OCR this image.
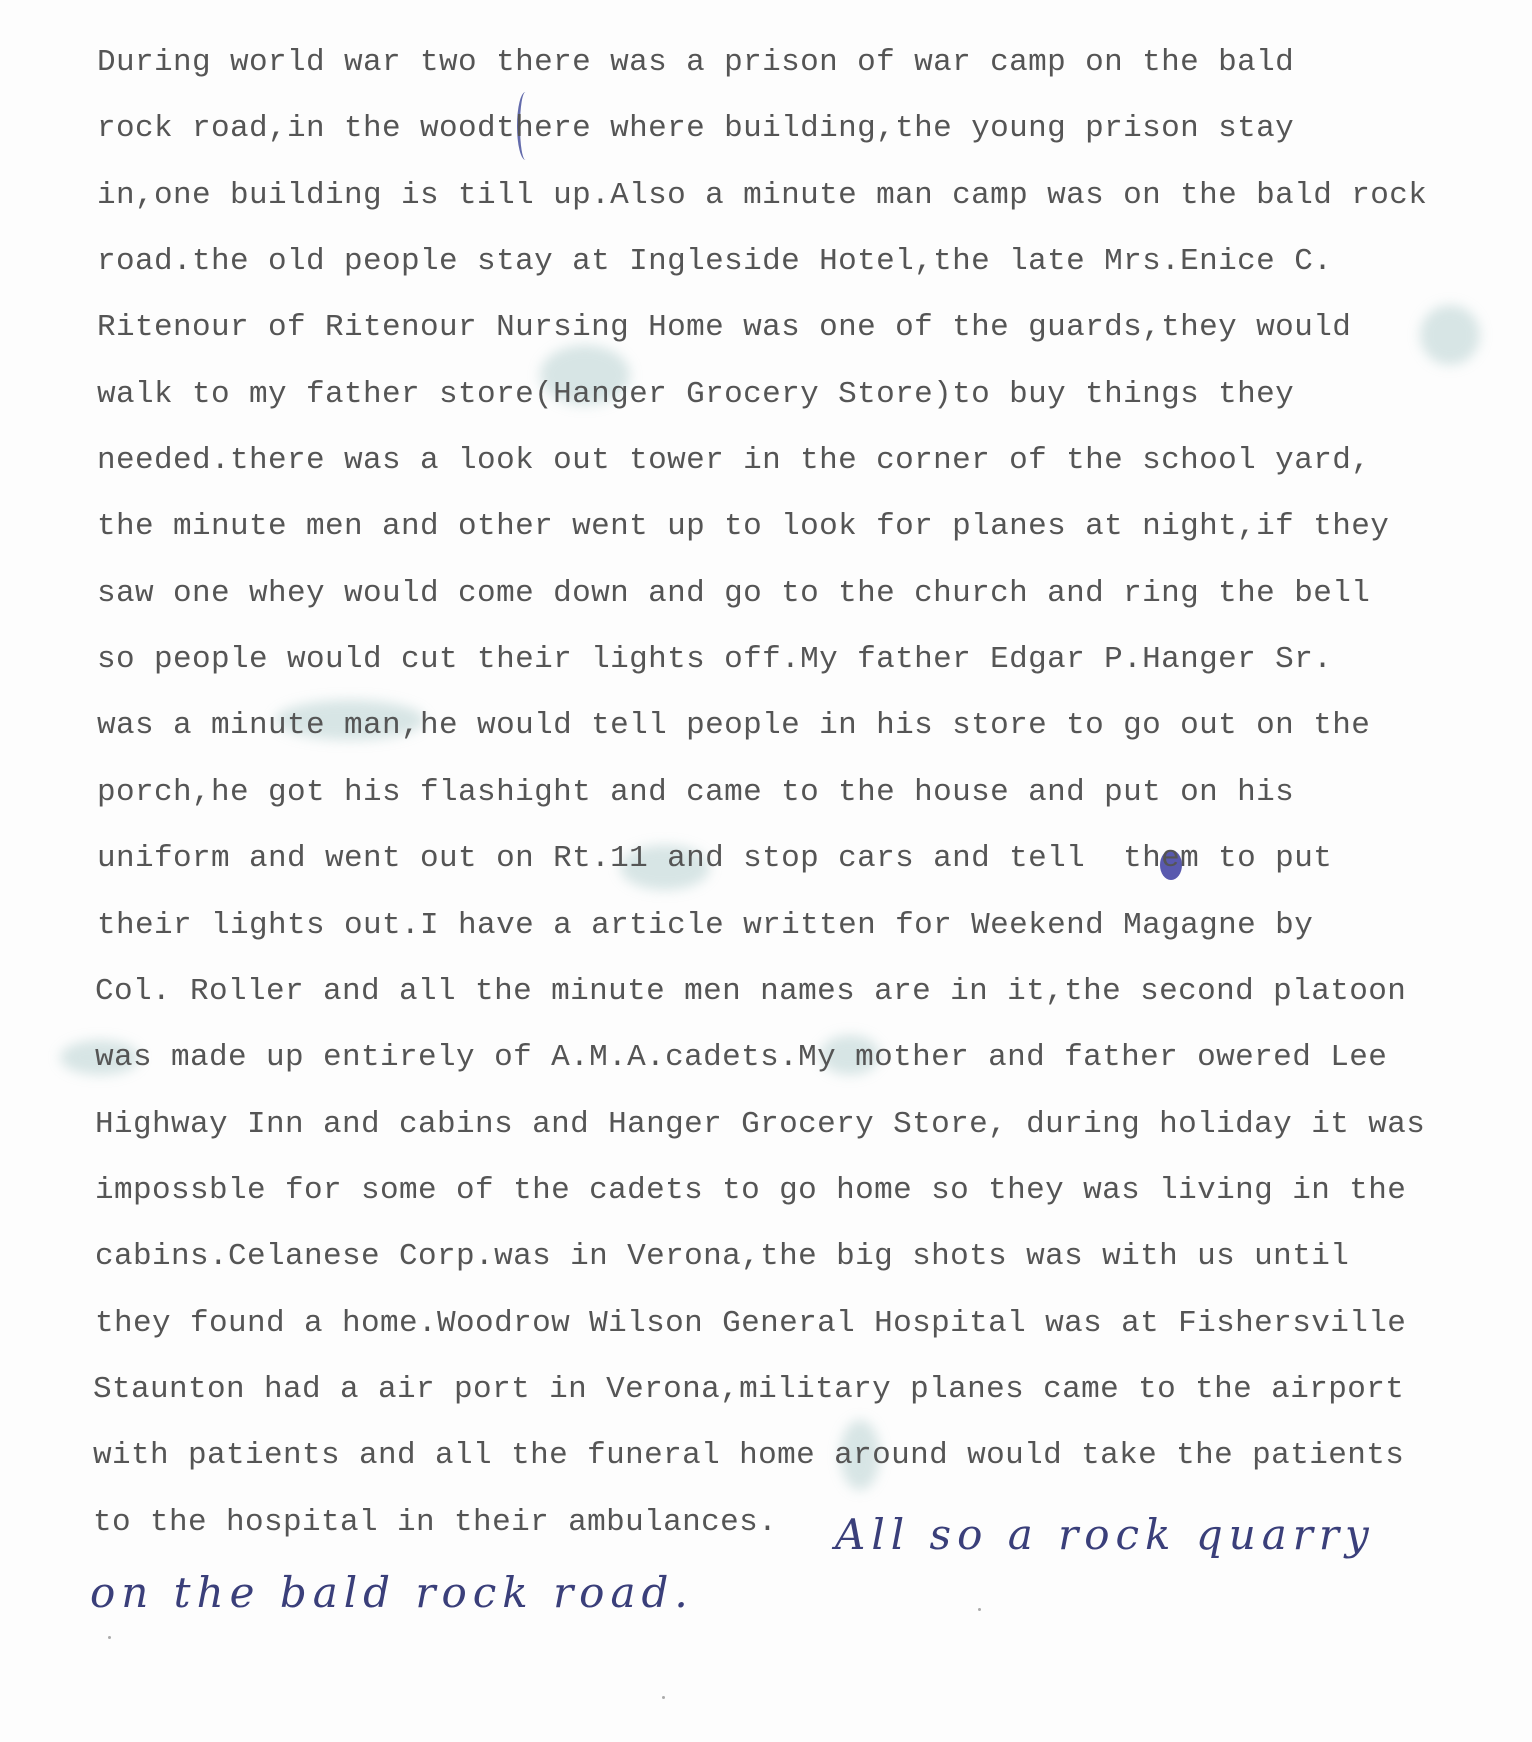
During world war two there was a prison of war camp on the bald
rock road,in the woodthere where building,the young prison stay
in,one building is till up.Also a minute man camp was on the bald rock
road.the old people stay at Ingleside Hotel,the late Mrs.Enice C.
Ritenour of Ritenour Nursing Home was one of the guards,they would
walk to my father store(Hanger Grocery Store)to buy things they
needed.there was a look out tower in the corner of the school yard,
the minute men and other went up to look for planes at night,if they
saw one whey would come down and go to the church and ring the bell
so people would cut their lights off.My father Edgar P.Hanger Sr.
was a minute man,he would tell people in his store to go out on the
porch,he got his flashight and came to the house and put on his
uniform and went out on Rt.11 and stop cars and tell  them to put
their lights out.I have a article written for Weekend Magagne by
Col. Roller and all the minute men names are in it,the second platoon
was made up entirely of A.M.A.cadets.My mother and father owered Lee
Highway Inn and cabins and Hanger Grocery Store, during holiday it was
impossble for some of the cadets to go home so they was living in the
cabins.Celanese Corp.was in Verona,the big shots was with us until
they found a home.Woodrow Wilson General Hospital was at Fishersville
Staunton had a air port in Verona,military planes came to the airport
with patients and all the funeral home around would take the patients
to the hospital in their ambulances. All so a rock quarry
on the bald rock road.
